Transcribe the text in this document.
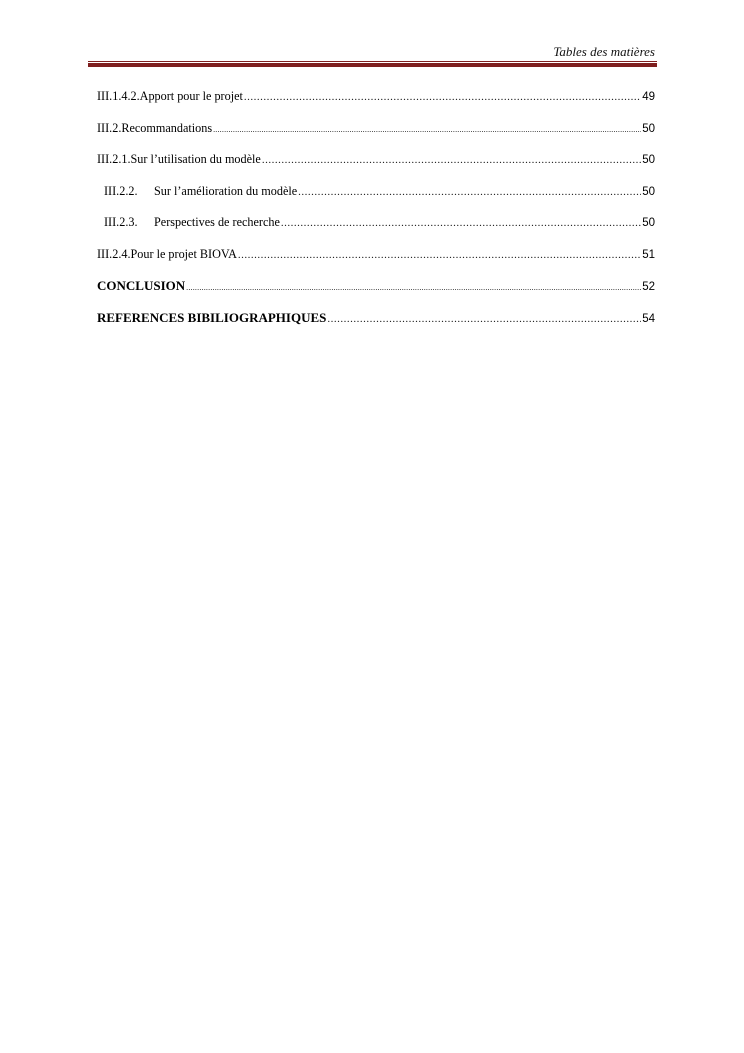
Tables des matières
III.1.4.2.Apport pour le projet .....	49
III.2.Recommandations .....	50
III.2.1.Sur l’utilisation du modèle .....	50
III.2.2. Sur l’amélioration du modèle .....	50
III.2.3. Perspectives de recherche .....	50
III.2.4.Pour le projet BIOVA .....	51
CONCLUSION .....	52
REFERENCES BIBILIOGRAPHIQUES .....	54
